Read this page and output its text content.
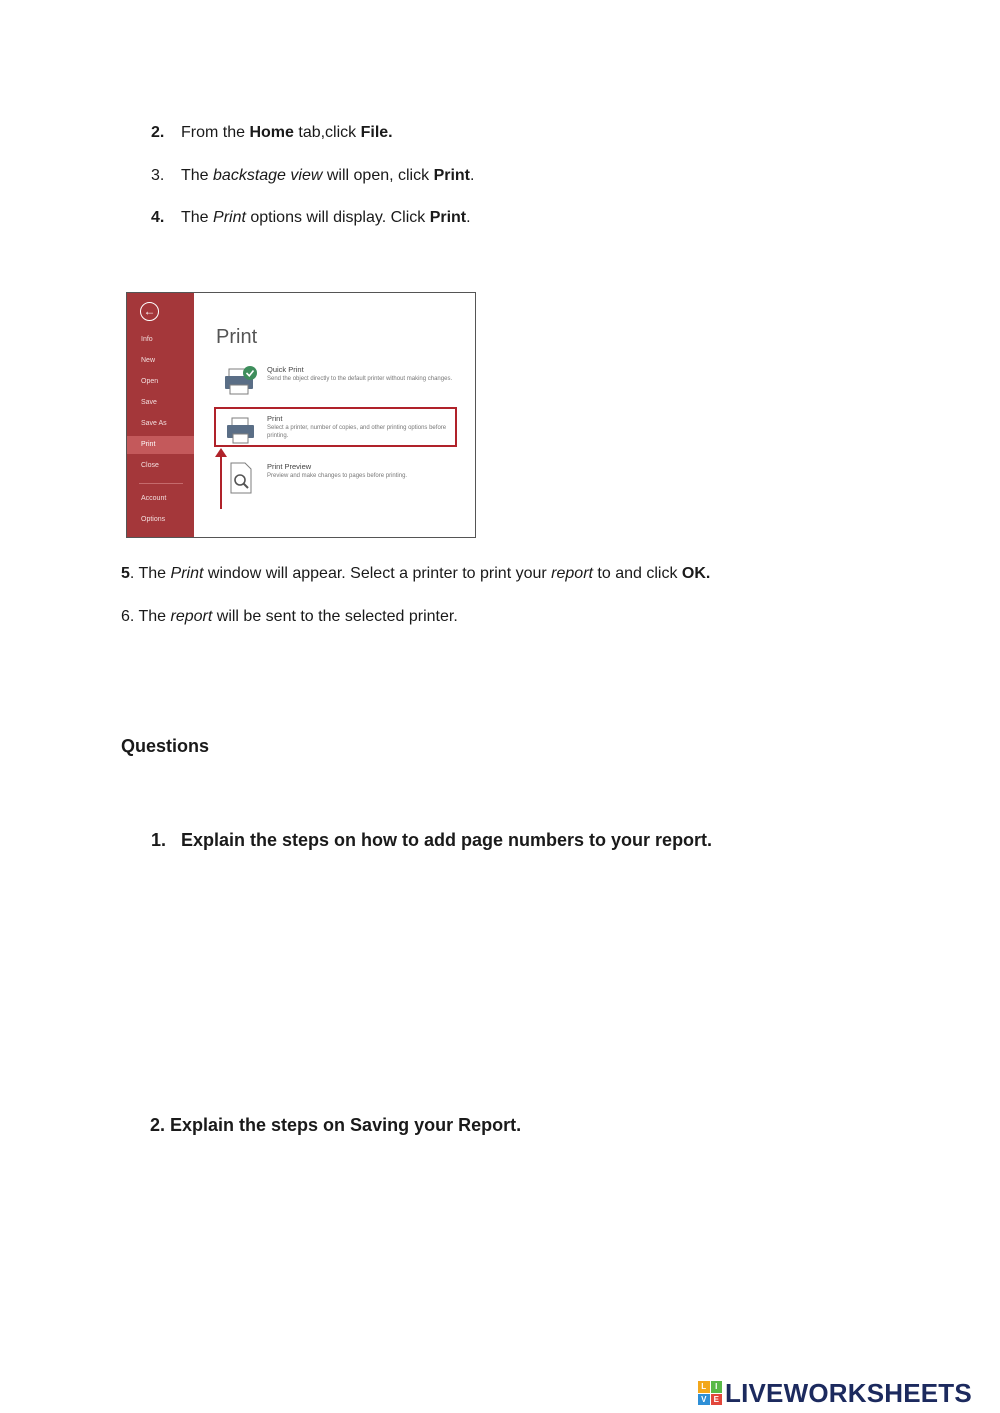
2. From the Home tab,click File.
3. The backstage view will open, click Print.
4. The Print options will display. Click Print.
←
Info
New
Open
Save
Save As
Print
Close
Account
Options
Print
Quick Print
Send the object directly to the default printer without making changes.
Print
Select a printer, number of copies, and other printing options before printing.
Print Preview
Preview and make changes to pages before printing.
5. The Print window will appear. Select a printer to print your report to and click OK.
6. The report will be sent to the selected printer.
Questions
1. Explain the steps on how to add page numbers to your report.
2. Explain the steps on Saving your Report.
L	I
V E LIVEWORKSHEETS
